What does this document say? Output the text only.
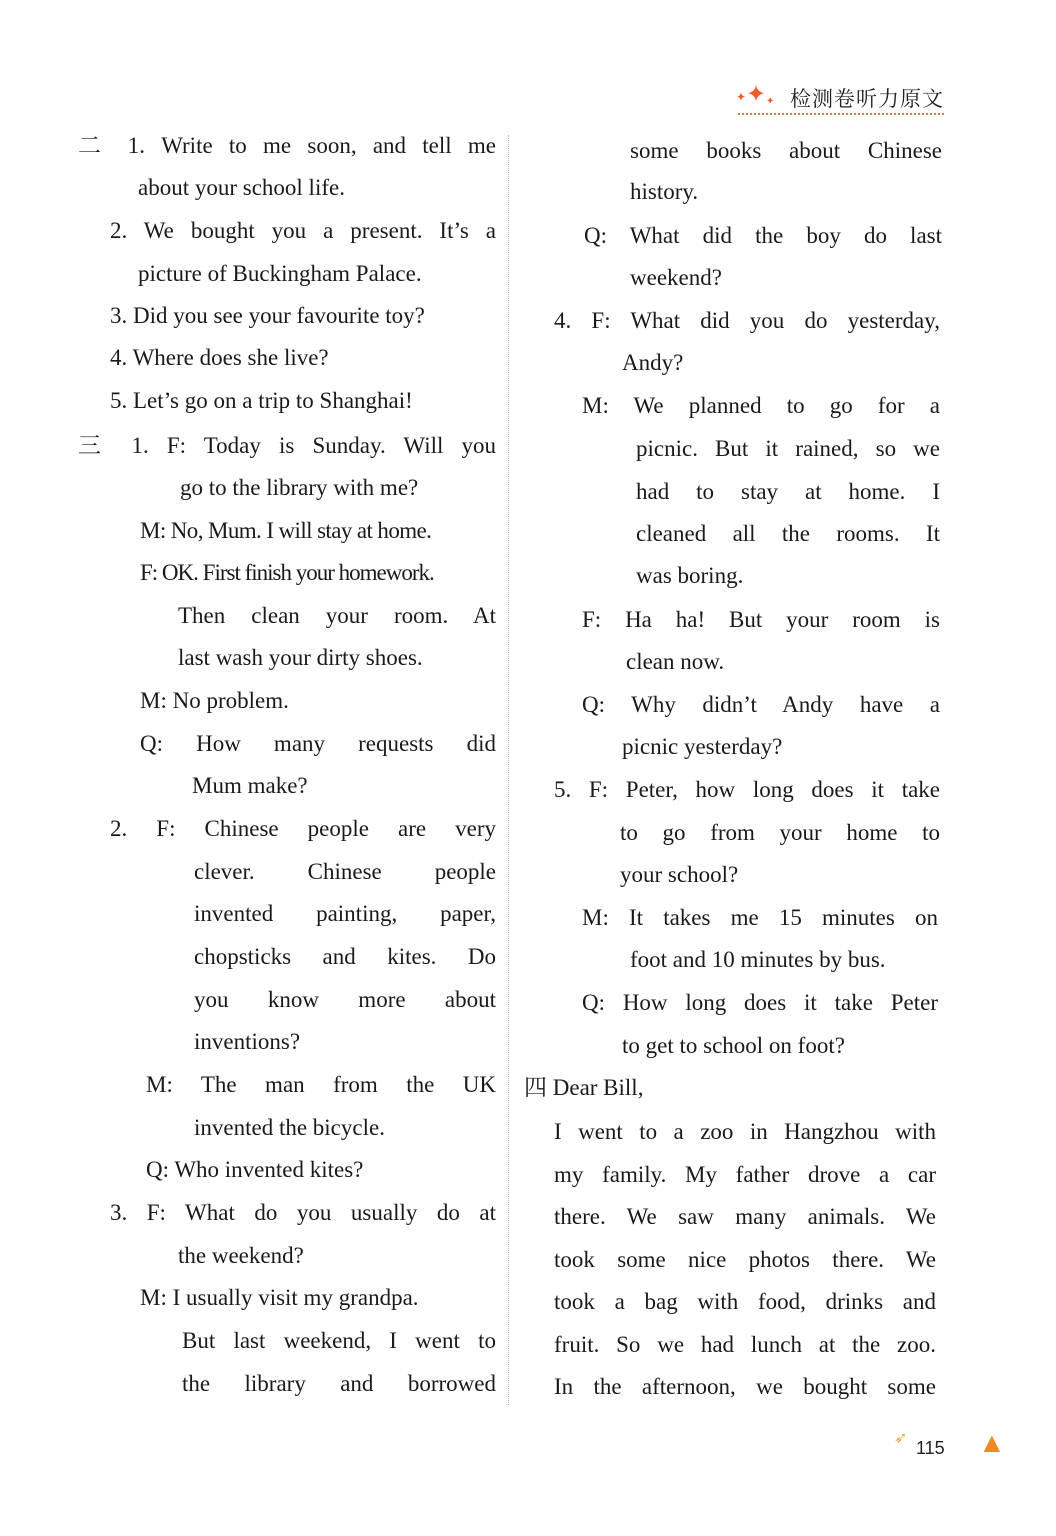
✦ ✦ ✦ 检测卷听力原文
二 1. Write to me soon, and tell me
about your school life.
2. We bought you a present. It’s a
picture of Buckingham Palace.
3. Did you see your favourite toy?
4. Where does she live?
5. Let’s go on a trip to Shanghai!
三 1. F: Today is Sunday. Will you
go to the library with me?
M: No, Mum. I will stay at home.
F: OK. First finish your homework.
Then clean your room. At
last wash your dirty shoes.
M: No problem.
Q: How many requests did
Mum make?
2. F: Chinese people are very
clever. Chinese people
invented painting, paper,
chopsticks and kites. Do
you know more about
inventions?
M: The man from the UK
invented the bicycle.
Q: Who invented kites?
3. F: What do you usually do at
the weekend?
M: I usually visit my grandpa.
But last weekend, I went to
the library and borrowed
some books about Chinese
history.
Q: What did the boy do last
weekend?
4. F: What did you do yesterday,
Andy?
M: We planned to go for a
picnic. But it rained, so we
had to stay at home. I
cleaned all the rooms. It
was boring.
F: Ha ha! But your room is
clean now.
Q: Why didn’t Andy have a
picnic yesterday?
5. F: Peter, how long does it take
to go from your home to
your school?
M: It takes me 15 minutes on
foot and 10 minutes by bus.
Q: How long does it take Peter
to get to school on foot?
四 Dear Bill,
I went to a zoo in Hangzhou with
my family. My father drove a car
there. We saw many animals. We
took some nice photos there. We
took a bag with food, drinks and
fruit. So we had lunch at the zoo.
In the afternoon, we bought some
➶ 115 ▲
